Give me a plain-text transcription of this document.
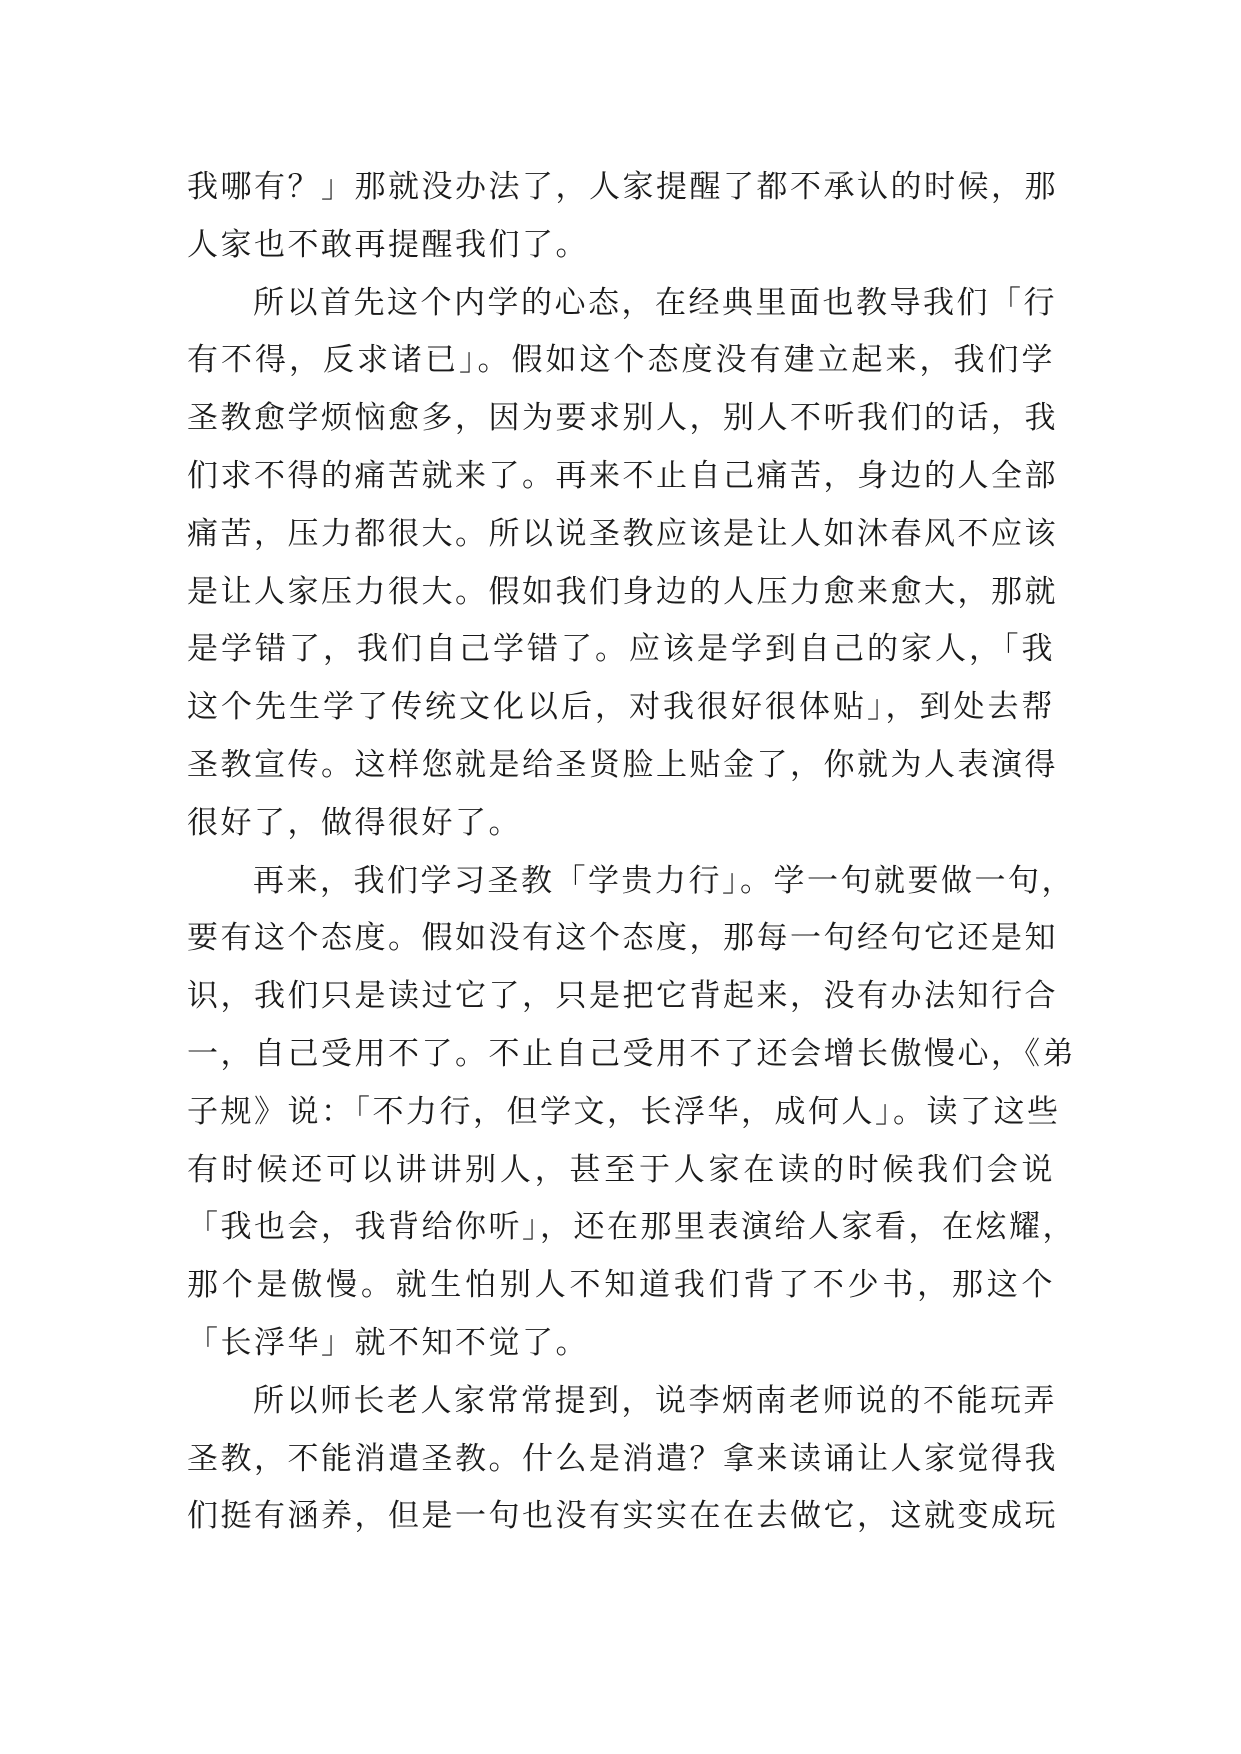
我哪有？」那就没办法了，人家提醒了都不承认的时候，那
人家也不敢再提醒我们了。
所以首先这个内学的心态，在经典里面也教导我们「行
有不得，反求诸已」。假如这个态度没有建立起来，我们学
圣教愈学烦恼愈多，因为要求别人，别人不听我们的话，我
们求不得的痛苦就来了。再来不止自己痛苦，身边的人全部
痛苦，压力都很大。所以说圣教应该是让人如沐春风不应该
是让人家压力很大。假如我们身边的人压力愈来愈大，那就
是学错了，我们自己学错了。应该是学到自己的家人，「我
这个先生学了传统文化以后，对我很好很体贴」，到处去帮
圣教宣传。这样您就是给圣贤脸上贴金了，你就为人表演得
很好了，做得很好了。
再来，我们学习圣教「学贵力行」。学一句就要做一句，
要有这个态度。假如没有这个态度，那每一句经句它还是知
识，我们只是读过它了，只是把它背起来，没有办法知行合
一，自己受用不了。不止自己受用不了还会增长傲慢心，《弟
子规》说：「不力行，但学文，长浮华，成何人」。读了这些
有时候还可以讲讲别人，甚至于人家在读的时候我们会说
「我也会，我背给你听」，还在那里表演给人家看，在炫耀，
那个是傲慢。就生怕别人不知道我们背了不少书，那这个
「长浮华」就不知不觉了。
所以师长老人家常常提到，说李炳南老师说的不能玩弄
圣教，不能消遣圣教。什么是消遣？拿来读诵让人家觉得我
们挺有涵养，但是一句也没有实实在在去做它，这就变成玩
